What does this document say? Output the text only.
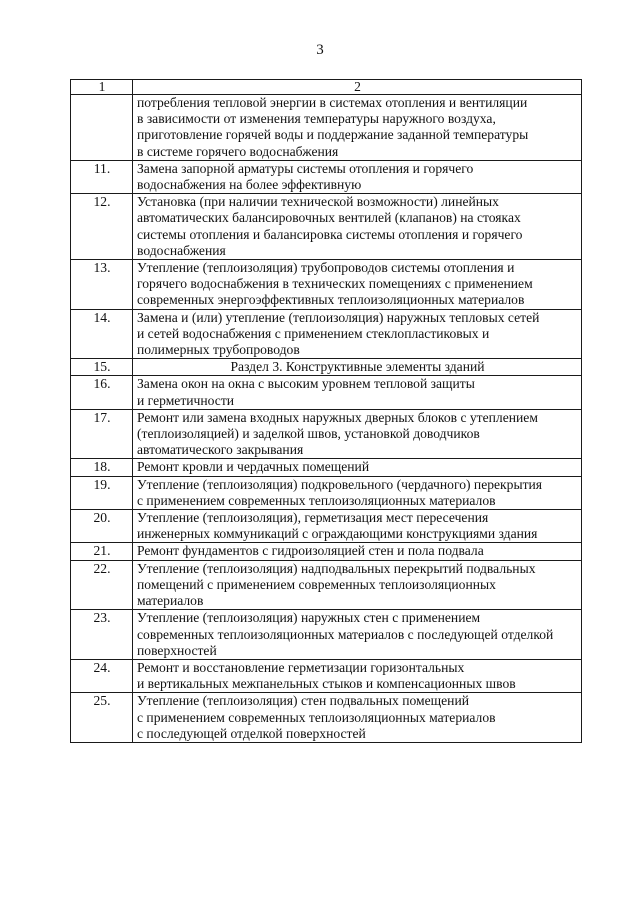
3
1	2
	потребления тепловой энергии в системах отопления и вентиляции
в зависимости от изменения температуры наружного воздуха,
приготовление горячей воды и поддержание заданной температуры
в системе горячего водоснабжения
11.	Замена запорной арматуры системы отопления и горячего
водоснабжения на более эффективную
12.	Установка (при наличии технической возможности) линейных
автоматических балансировочных вентилей (клапанов) на стояках
системы отопления и балансировка системы отопления и горячего
водоснабжения
13.	Утепление (теплоизоляция) трубопроводов системы отопления и
горячего водоснабжения в технических помещениях с применением
современных энергоэффективных теплоизоляционных материалов
14.	Замена и (или) утепление (теплоизоляция) наружных тепловых сетей
и сетей водоснабжения с применением стеклопластиковых и
полимерных трубопроводов
15.	Раздел 3. Конструктивные элементы зданий
16.	Замена окон на окна с высоким уровнем тепловой защиты
и герметичности
17.	Ремонт или замена входных наружных дверных блоков с утеплением
(теплоизоляцией) и заделкой швов, установкой доводчиков
автоматического закрывания
18.	Ремонт кровли и чердачных помещений
19.	Утепление (теплоизоляция) подкровельного (чердачного) перекрытия
с применением современных теплоизоляционных материалов
20.	Утепление (теплоизоляция), герметизация мест пересечения
инженерных коммуникаций с ограждающими конструкциями здания
21.	Ремонт фундаментов с гидроизоляцией стен и пола подвала
22.	Утепление (теплоизоляция) надподвальных перекрытий подвальных
помещений с применением современных теплоизоляционных
материалов
23.	Утепление (теплоизоляция) наружных стен с применением
современных теплоизоляционных материалов с последующей отделкой
поверхностей
24.	Ремонт и восстановление герметизации горизонтальных
и вертикальных межпанельных стыков и компенсационных швов
25.	Утепление (теплоизоляция) стен подвальных помещений
с применением современных теплоизоляционных материалов
с последующей отделкой поверхностей
